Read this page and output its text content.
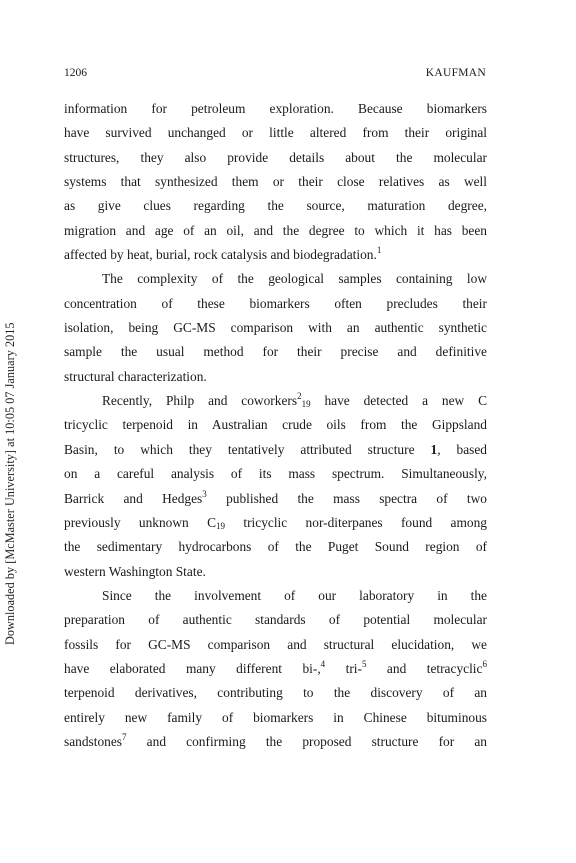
Downloaded by [McMaster University] at 10:05 07 January 2015
1206	KAUFMAN
information for petroleum exploration. Because biomarkers
have survived unchanged or little altered from their original
structures, they also provide details about the molecular
systems that synthesized them or their close relatives as well
as give clues regarding the source, maturation degree,
migration and age of an oil, and the degree to which it has been
affected by heat, burial, rock catalysis and biodegradation.$^1$
The complexity of the geological samples containing low
concentration of these biomarkers often precludes their
isolation, being GC-MS comparison with an authentic synthetic
sample the usual method for their precise and definitive
structural characterization.
Recently, Philp and coworkers$^2_{19}$ have detected a new C
tricyclic terpenoid in Australian crude oils from the Gippsland
Basin, to which they tentatively attributed structure 1, based
on a careful analysis of its mass spectrum. Simultaneously,
Barrick and Hedges$^3$ published the mass spectra of two
previously unknown $C_{19}$ tricyclic nor-diterpanes found among
the sedimentary hydrocarbons of the Puget Sound region of
western Washington State.
Since the involvement of our laboratory in the
preparation of authentic standards of potential molecular
fossils for GC-MS comparison and structural elucidation, we
have elaborated many different bi-,$^4$ tri-$^5$ and tetracyclic$^6$
terpenoid derivatives, contributing to the discovery of an
entirely new family of biomarkers in Chinese bituminous
sandstones$^7$ and confirming the proposed structure for an
